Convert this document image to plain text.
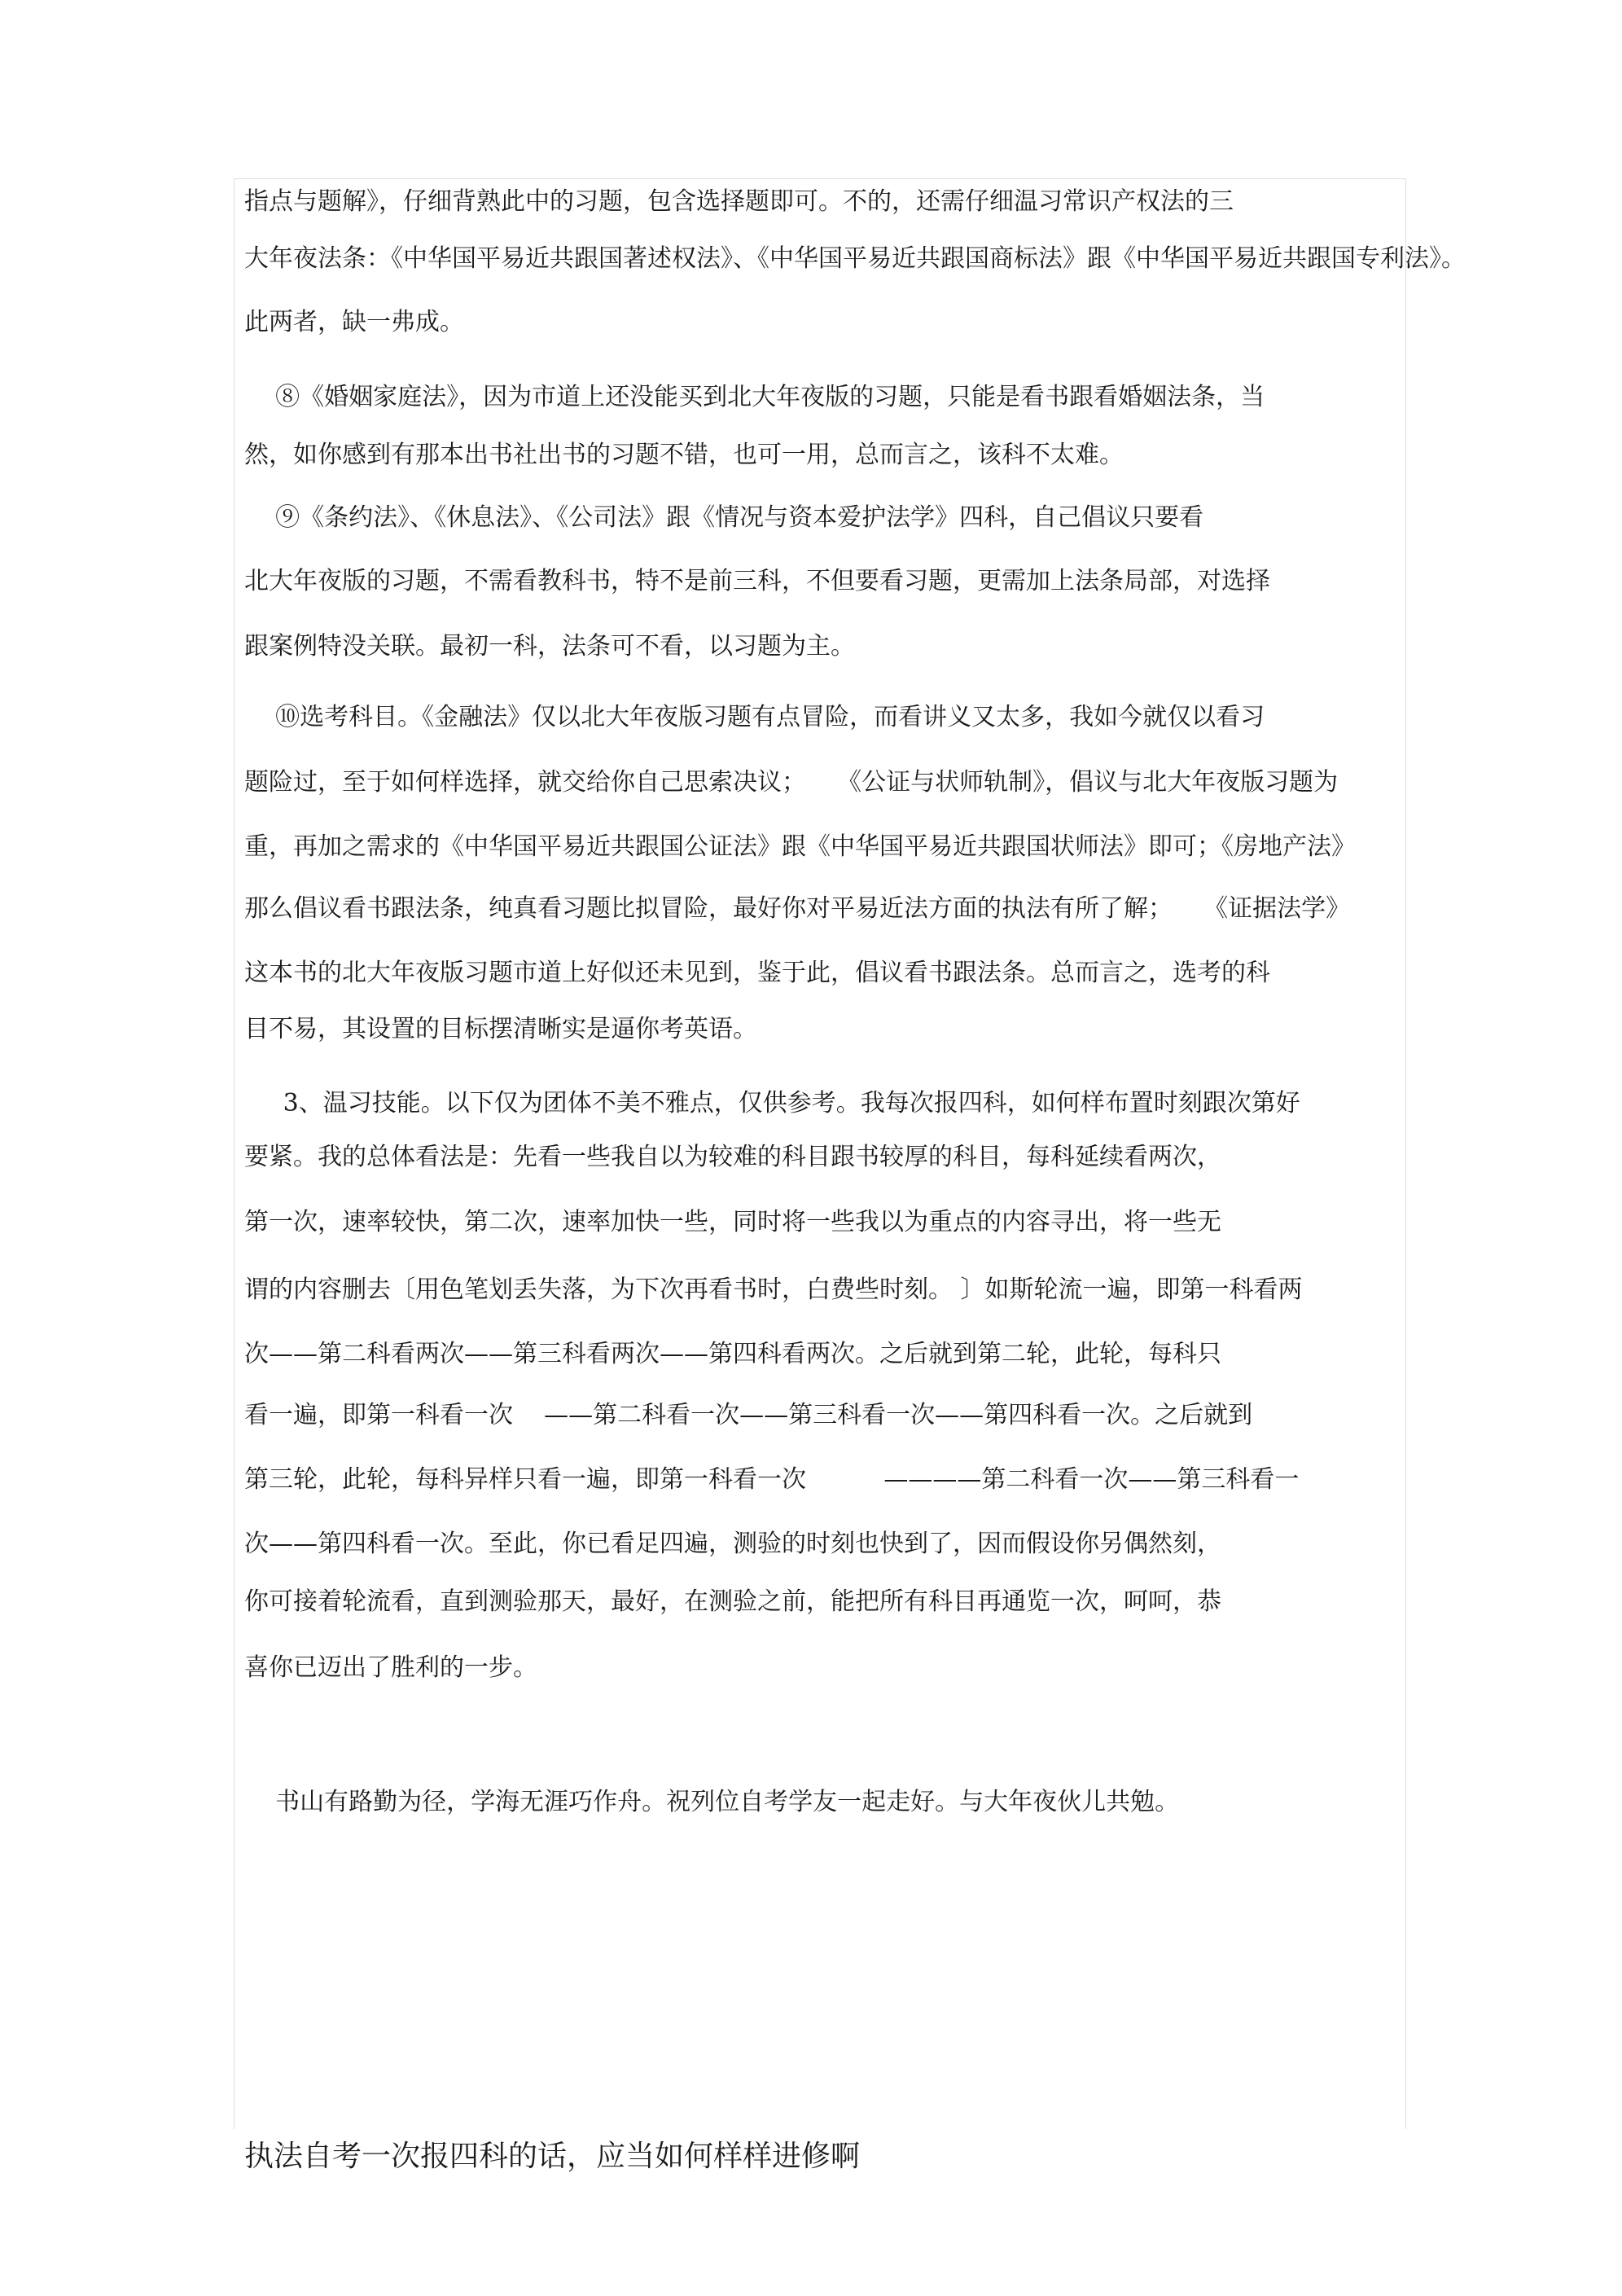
指点与题解》，仔细背熟此中的习题，包含选择题即可。不的，还需仔细温习常识产权法的三
大年夜法条：《中华国平易近共跟国著述权法》、《中华国平易近共跟国商标法》跟《中华国平易近共跟国专利法》。
此两者，缺一弗成。
⑧《婚姻家庭法》，因为市道上还没能买到北大年夜版的习题，只能是看书跟看婚姻法条，当
然，如你感到有那本出书社出书的习题不错，也可一用，总而言之，该科不太难。
⑨《条约法》、《休息法》、《公司法》跟《情况与资本爱护法学》四科，自己倡议只要看
北大年夜版的习题，不需看教科书，特不是前三科，不但要看习题，更需加上法条局部，对选择
跟案例特没关联。最初一科，法条可不看，以习题为主。
⑩选考科目。《金融法》仅以北大年夜版习题有点冒险，而看讲义又太多，我如今就仅以看习
题险过，至于如何样选择，就交给你自己思索决议；    《公证与状师轨制》，倡议与北大年夜版习题为
重，再加之需求的《中华国平易近共跟国公证法》跟《中华国平易近共跟国状师法》即可；《房地产法》
那么倡议看书跟法条，纯真看习题比拟冒险，最好你对平易近法方面的执法有所了解；    《证据法学》
这本书的北大年夜版习题市道上好似还未见到，鉴于此，倡议看书跟法条。总而言之，选考的科
目不易，其设置的目标摆清晰实是逼你考英语。
3、温习技能。以下仅为团体不美不雅点，仅供参考。我每次报四科，如何样布置时刻跟次第好
要紧。我的总体看法是：先看一些我自以为较难的科目跟书较厚的科目，每科延续看两次，
第一次，速率较快，第二次，速率加快一些，同时将一些我以为重点的内容寻出，将一些无
谓的内容删去〔用色笔划丢失落，为下次再看书时，白费些时刻。 〕如斯轮流一遍，即第一科看两
次——第二科看两次——第三科看两次——第四科看两次。之后就到第二轮，此轮，每科只
看一遍，即第一科看一次    ——第二科看一次——第三科看一次——第四科看一次。之后就到
第三轮，此轮，每科异样只看一遍，即第一科看一次          ————第二科看一次——第三科看一
次——第四科看一次。至此，你已看足四遍，测验的时刻也快到了，因而假设你另偶然刻，
你可接着轮流看，直到测验那天，最好，在测验之前，能把所有科目再通览一次，呵呵，恭
喜你已迈出了胜利的一步。
书山有路勤为径，学海无涯巧作舟。祝列位自考学友一起走好。与大年夜伙儿共勉。
执法自考一次报四科的话，应当如何样样进修啊
